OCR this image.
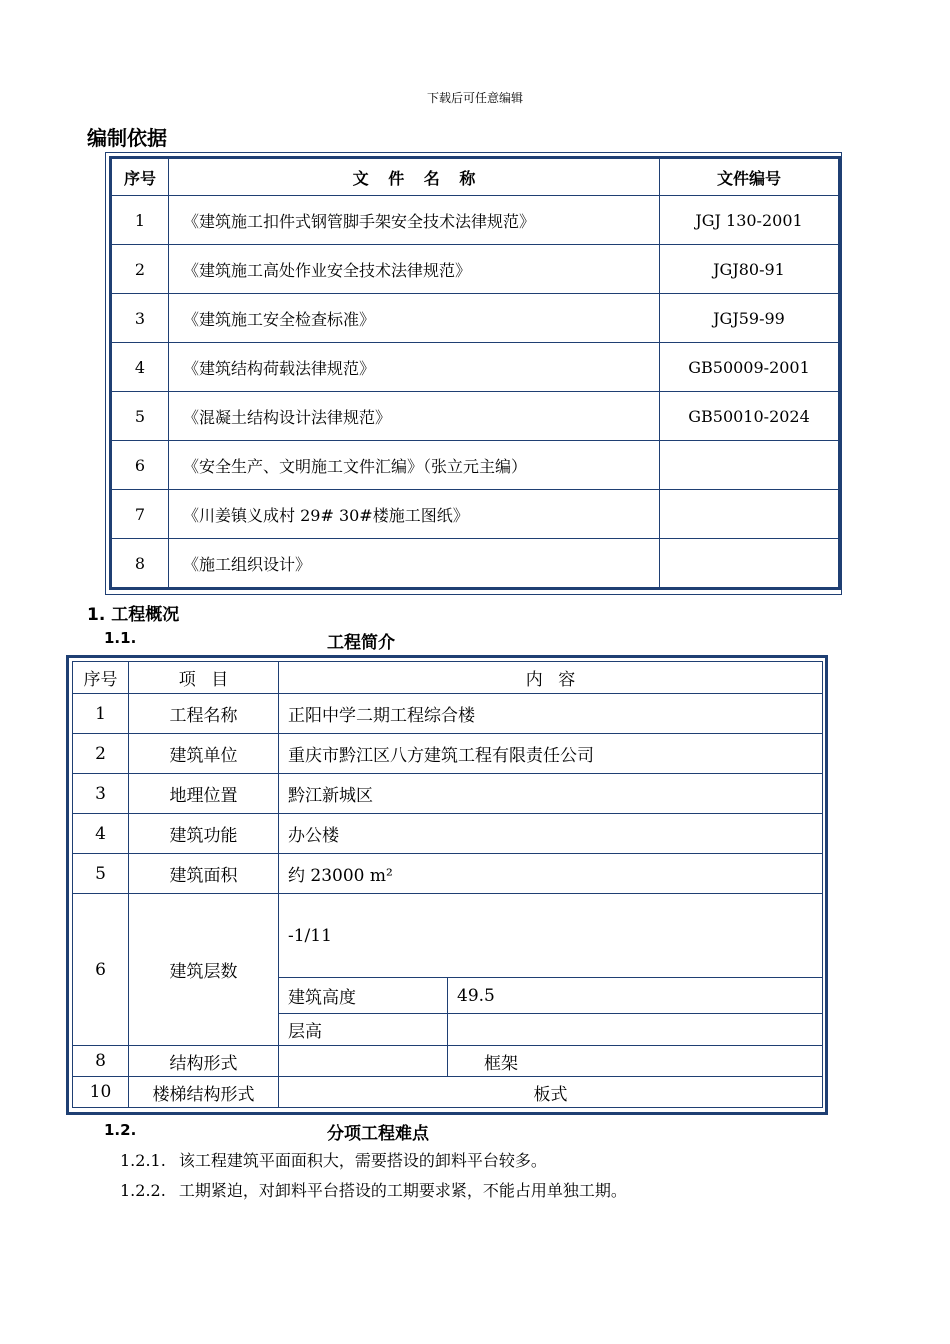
下载后可任意编辑
编制依据
序号	文 件 名 称	文件编号
1	《建筑施工扣件式钢管脚手架安全技术法律规范》	JGJ 130-2001
2	《建筑施工高处作业安全技术法律规范》	JGJ80-91
3	《建筑施工安全检查标准》	JGJ59-99
4	《建筑结构荷载法律规范》	GB50009-2001
5	《混凝土结构设计法律规范》	GB50010-2024
6	《安全生产、文明施工文件汇编》（张立元主编）	
7	《川姜镇义成村 29# 30#楼施工图纸》	
8	《施工组织设计》	
1. 工程概况
1.1.	工程简介
序号	项 目	内 容	
1	工程名称	正阳中学二期工程综合楼	
2	建筑单位	重庆市黔江区八方建筑工程有限责任公司	
3	地理位置	黔江新城区	
4	建筑功能	办公楼	
5	建筑面积	约 23000 m²	
6	建筑层数	-1/11	
		建筑高度	49.5
		层高	
8	结构形式		框架
10	楼梯结构形式	板式	
1.2.	分项工程难点
1.2.1. 该工程建筑平面面积大，需要搭设的卸料平台较多。
1.2.2. 工期紧迫，对卸料平台搭设的工期要求紧，不能占用单独工期。
